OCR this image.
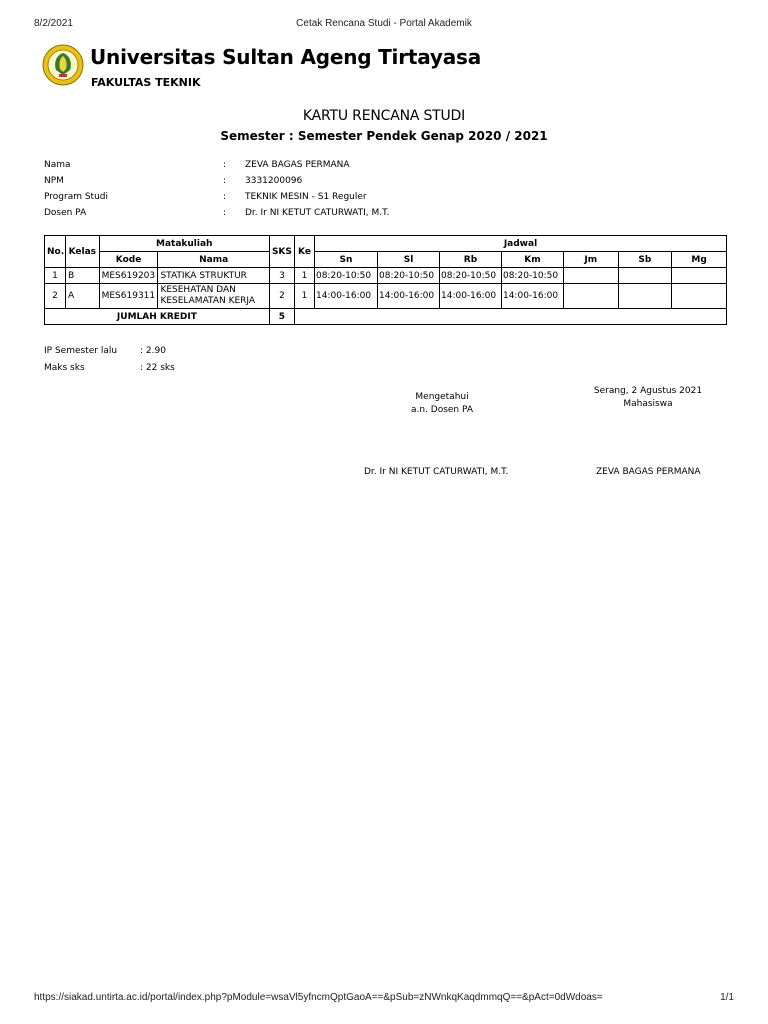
8/2/2021	Cetak Rencana Studi - Portal Akademik
Universitas Sultan Ageng Tirtayasa
FAKULTAS TEKNIK
KARTU RENCANA STUDI
Semester : Semester Pendek Genap 2020 / 2021
Nama	: ZEVA BAGAS PERMANA
NPM	: 3331200096
Program Studi	: TEKNIK MESIN - S1 Reguler
Dosen PA	: Dr. Ir NI KETUT CATURWATI, M.T.
No.	Kelas	Matakuliah		SKS	Ke	Jadwal						
		Kode	Nama			Sn	Sl	Rb	Km	Jm	Sb	Mg
1	B	MES619203	STATIKA STRUKTUR	3	1	08:20-10:50	08:20-10:50	08:20-10:50	08:20-10:50			
2	A	MES619311	KESEHATAN DAN KESELAMATAN KERJA	2	1	14:00-16:00	14:00-16:00	14:00-16:00	14:00-16:00			
JUMLAH KREDIT				5								
IP Semester lalu	: 2.90
Maks sks	: 22 sks
Mengetahui
a.n. Dosen PA
Serang, 2 Agustus 2021
Mahasiswa
Dr. Ir NI KETUT CATURWATI, M.T.	ZEVA BAGAS PERMANA
https://siakad.untirta.ac.id/portal/index.php?pModule=wsaVl5yfncmQptGaoA==&pSub=zNWnkqKaqdmmqQ==&pAct=0dWdoas=	1/1
